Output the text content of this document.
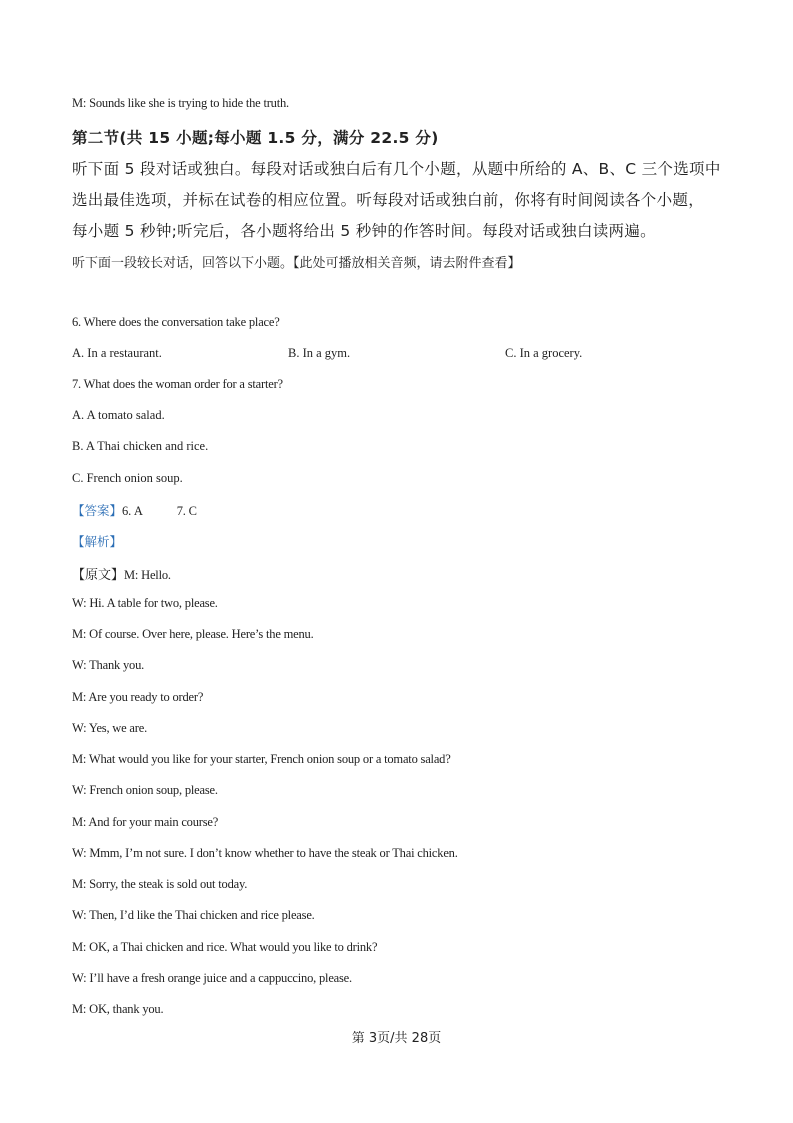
M: Sounds like she is trying to hide the truth.
第二节(共 15 小题;每小题 1.5 分，满分 22.5 分)
听下面 5 段对话或独白。每段对话或独白后有几个小题，从题中所给的 A、B、C 三个选项中
选出最佳选项，并标在试卷的相应位置。听每段对话或独白前，你将有时间阅读各个小题，
每小题 5 秒钟;听完后，各小题将给出 5 秒钟的作答时间。每段对话或独白读两遍。
听下面一段较长对话，回答以下小题。【此处可播放相关音频，请去附件查看】
6. Where does the conversation take place?
A. In a restaurant.	B. In a gym.	C. In a grocery.
7. What does the woman order for a starter?
A. A tomato salad.
B. A Thai chicken and rice.
C. French onion soup.
【答案】6. A	7. C
【解析】
【原文】M: Hello.
W: Hi. A table for two, please.
M: Of course. Over here, please. Here’s the menu.
W: Thank you.
M: Are you ready to order?
W: Yes, we are.
M: What would you like for your starter, French onion soup or a tomato salad?
W: French onion soup, please.
M: And for your main course?
W: Mmm, I’m not sure. I don’t know whether to have the steak or Thai chicken.
M: Sorry, the steak is sold out today.
W: Then, I’d like the Thai chicken and rice please.
M: OK, a Thai chicken and rice. What would you like to drink?
W: I’ll have a fresh orange juice and a cappuccino, please.
M: OK, thank you.
第 3页/共 28页
